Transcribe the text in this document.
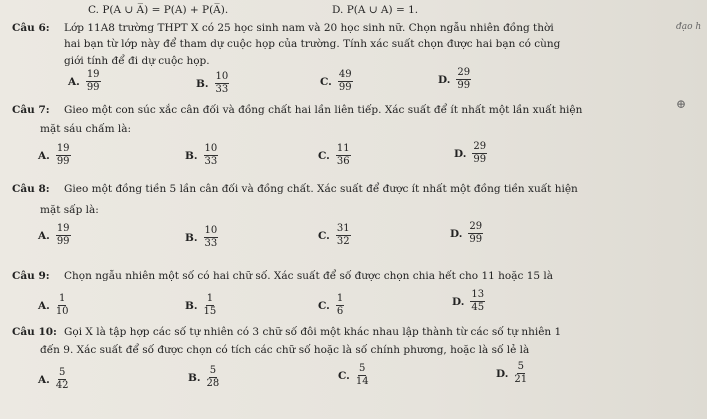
C. P(A ∪ A̅) = P(A) + P(A̅).	D. P(A ∪ A) = 1.
đạo h
Câu 6: Lớp 11A8 trường THPT X có 25 học sinh nam và 20 học sinh nữ. Chọn ngẫu nhiên đồng thời
hai bạn từ lớp này để tham dự cuộc họp của trường. Tính xác suất chọn được hai bạn có cùng
giới tính để đi dự cuộc họp.
A. $\frac{19}{99}$	B. $\frac{10}{33}$	C. $\frac{49}{99}$	D. $\frac{29}{99}$
Câu 7: Gieo một con súc xắc cân đối và đồng chất hai lần liên tiếp. Xác suất để ít nhất một lần xuất hiện	⊕
mặt sáu chấm là:
A. $\frac{19}{99}$	B. $\frac{10}{33}$	C. $\frac{11}{36}$	D. $\frac{29}{99}$
Câu 8: Gieo một đồng tiền 5 lần cân đối và đồng chất. Xác suất để được ít nhất một đồng tiền xuất hiện
mặt sấp là:
A. $\frac{19}{99}$	B. $\frac{10}{33}$	C. $\frac{31}{32}$	D. $\frac{29}{99}$
Câu 9: Chọn ngẫu nhiên một số có hai chữ số. Xác suất để số được chọn chia hết cho 11 hoặc 15 là
A. $\frac{1}{10}$	B. $\frac{1}{15}$	C. $\frac{1}{6}$	D. $\frac{13}{45}$
Câu 10: Gọi X là tập hợp các số tự nhiên có 3 chữ số đôi một khác nhau lập thành từ các số tự nhiên 1
đến 9. Xác suất để số được chọn có tích các chữ số hoặc là số chính phương, hoặc là số lẻ là
A. $\frac{5}{42}$	B. $\frac{5}{28}$	C. $\frac{5}{14}$	D. $\frac{5}{21}$
